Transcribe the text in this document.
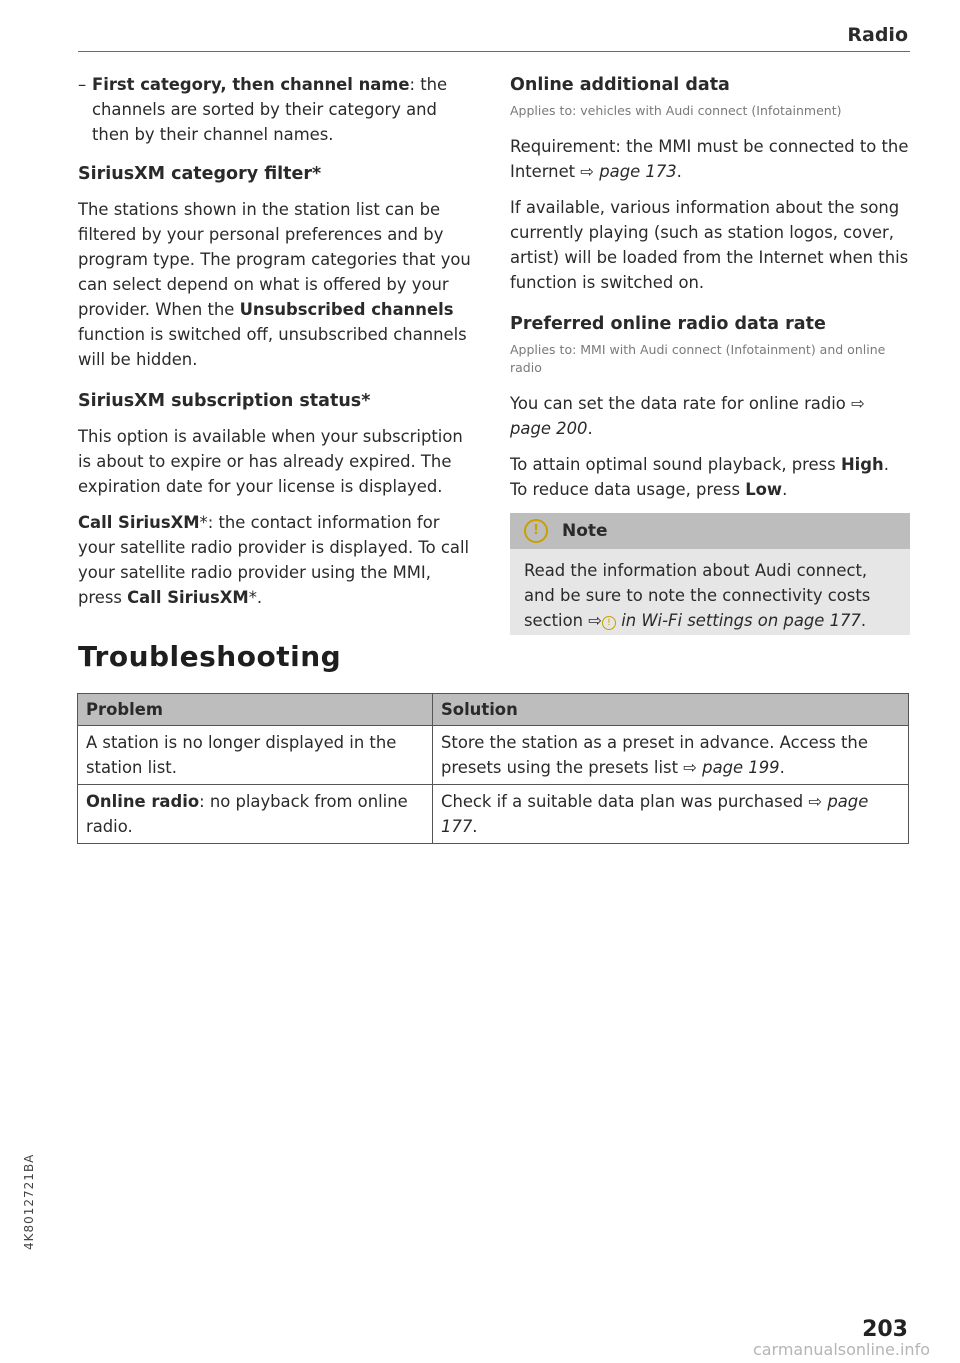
Radio
– First category, then channel name: the channels are sorted by their category and then by their channel names.
SiriusXM category filter*

The stations shown in the station list can be filtered by your personal preferences and by program type. The program categories that you can select depend on what is offered by your provider. When the Unsubscribed channels function is switched off, unsubscribed channels will be hidden.

SiriusXM subscription status*

This option is available when your subscription is about to expire or has already expired. The expiration date for your license is displayed.

Call SiriusXM*: the contact information for your satellite radio provider is displayed. To call your satellite radio provider using the MMI, press Call SiriusXM*.

Online additional data
Applies to: vehicles with Audi connect (Infotainment)

Requirement: the MMI must be connected to the Internet ⇨ page 173.

If available, various information about the song currently playing (such as station logos, cover, artist) will be loaded from the Internet when this function is switched on.

Preferred online radio data rate
Applies to: MMI with Audi connect (Infotainment) and online radio

You can set the data rate for online radio ⇨ page 200.

To attain optimal sound playback, press High. To reduce data usage, press Low.

!	Note

Read the information about Audi connect, and be sure to note the connectivity costs section ⇨ ! in Wi-Fi settings on page 177.

Troubleshooting
Problem	Solution
A station is no longer displayed in the station list.	Store the station as a preset in advance. Access the presets using the presets list ⇨ page 199.
Online radio: no playback from online radio.	Check if a suitable data plan was purchased ⇨ page 177.
4K8012721BA
203
carmanualsonline.info
